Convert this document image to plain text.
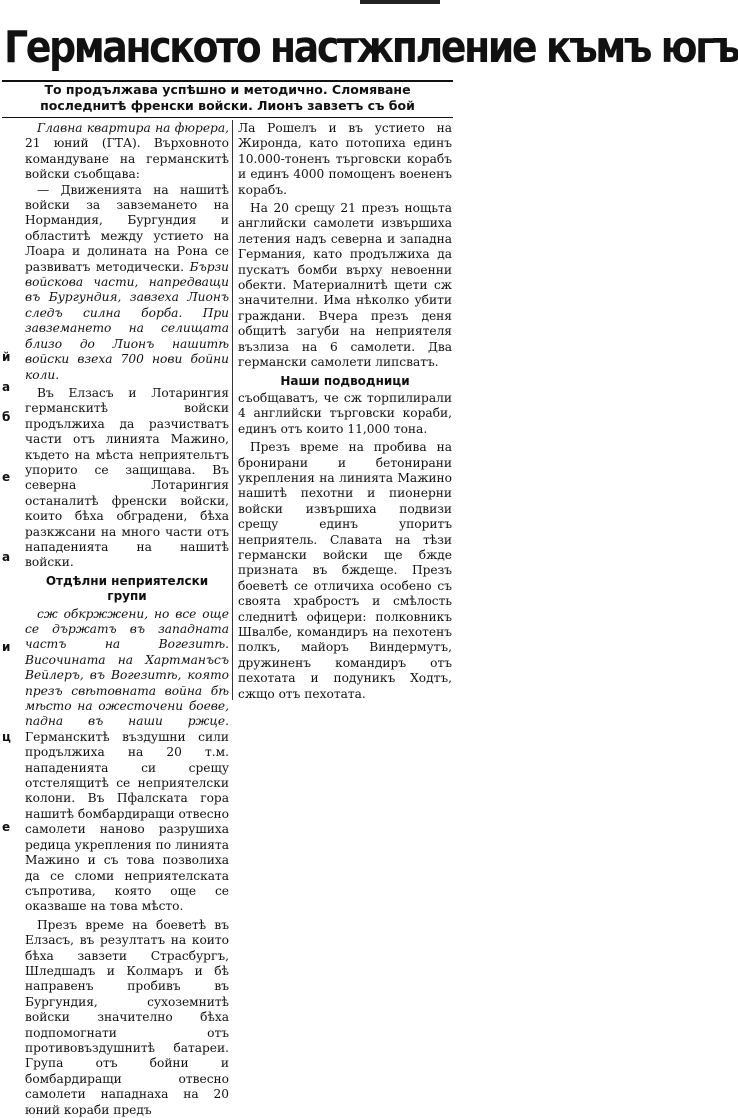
Германското настжпление къмъ югъ
То продължава успѣшно и методично. Сломяване последнитѣ френски войски. Лионъ завзетъ съ бой
й
а
б
е
а
и
ц
е

Главна квартира на фюрера, 21 юний (ГТА). Върховното командуване на германскитѣ войски съобщава:

— Движенията на нашитѣ войски за завземането на Нормандия, Бургундия и областитѣ между устието на Лоара и долината на Рона се развиватъ методически. Бързи войскова части, напредващи въ Бургундия, завзеха Лионъ следъ силна борба. При завземането на селищата близо до Лионъ нашитѣ войски взеха 700 нови бойни коли.

Въ Елзасъ и Лотарингия германскитѣ войски продължиха да разчистватъ части отъ линията Мажино, където на мѣста неприятельтъ упорито се защищава. Въ северна Лотарингия останалитѣ френски войски, които бѣха обградени, бѣха разкжсани на много части отъ нападенията на нашитѣ войски.

Отдѣлни неприятелски групи

сж обкржжени, но все още се държатъ въ западната частъ на Вогезитѣ. Височината на Хартманъсъ Вейлеръ, въ Вогезитѣ, която презъ свѣтовната война бѣ мѣсто на ожесточени боеве, падна въ наши ржце. Германскитѣ въздушни сили продължиха на 20 т.м. нападенията си срещу отстелящитѣ се неприятелски колони. Въ Пфалската гора нашитѣ бомбардиращи отвесно самолети наново разрушиха редица укрепления по линията Мажино и съ това позволиха да се сломи неприятелската съпротива, която още се оказваше на това мѣсто.

Презъ време на боеветѣ въ Елзасъ, въ резултатъ на които бѣха завзети Страсбургъ, Шледшадъ и Колмаръ и бѣ направенъ пробивъ въ Бургундия, сухоземнитѣ войски значително бѣха подпомогнати отъ противовъздушнитѣ батареи. Група отъ бойни и бомбардиращи отвесно самолети нападнаха на 20 юний кораби предъ

Ла Рошелъ и въ устието на Жиронда, като потопиха единъ 10.000-тоненъ търговски корабъ и единъ 4000 помощенъ воененъ корабъ.

На 20 срещу 21 презъ нощьта английски самолети извършиха летения надъ северна и западна Германия, като продължиха да пускатъ бомби върху невоенни обекти. Материалнитѣ щети сж значителни. Има нѣколко убити граждани. Вчера презъ деня общитѣ загуби на неприятеля възлиза на 6 самолети. Два германски самолети липсватъ.

Наши подводници

съобщаватъ, че сж торпилирали 4 английски търговски кораби, единъ отъ които 11,000 тона.

Презъ време на пробива на бронирани и бетонирани укрепления на линията Мажино нашитѣ пехотни и пионерни войски извършиха подвизи срещу единъ упоритъ неприятель. Славата на тѣзи германски войски ще бжде призната въ бждеще. Презъ боеветѣ се отличиха особено съ своята храбростъ и смѣлость следнитѣ офицери: полковникъ Швалбе, командиръ на пехотенъ полкъ, майоръ Виндермутъ, дружиненъ командиръ отъ пехотата и подуникъ Ходтъ, сжщо отъ пехотата.
